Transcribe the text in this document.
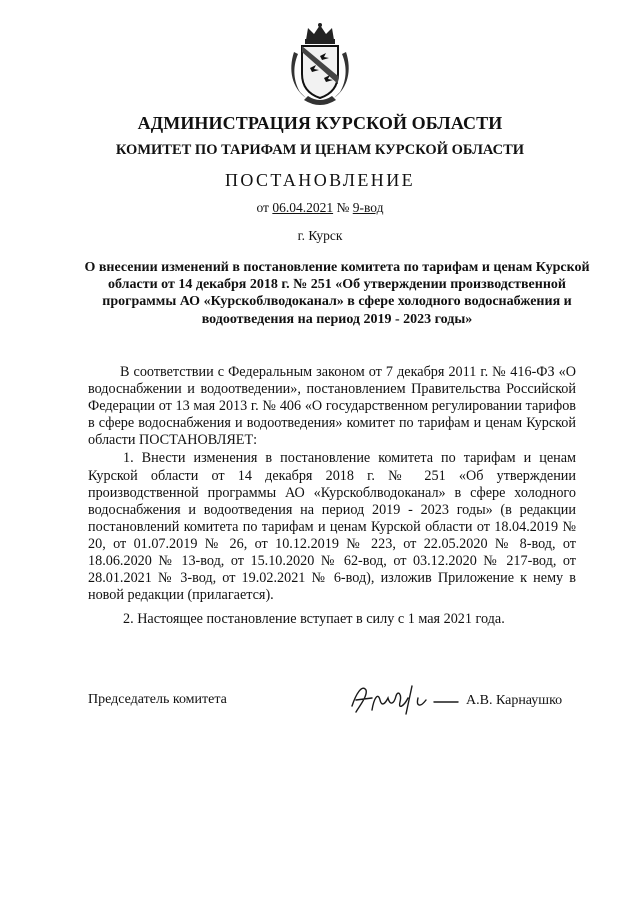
АДМИНИСТРАЦИЯ КУРСКОЙ ОБЛАСТИ
КОМИТЕТ ПО ТАРИФАМ И ЦЕНАМ КУРСКОЙ ОБЛАСТИ
ПОСТАНОВЛЕНИЕ
от 06.04.2021 № 9-вод
г. Курск
О внесении изменений в постановление комитета по тарифам и ценам Курской области от 14 декабря 2018 г. № 251 «Об утверждении производственной программы АО «Курскоблводоканал» в сфере холодного водоснабжения и водоотведения на период 2019 - 2023 годы»

В соответствии с Федеральным законом от 7 декабря 2011 г. № 416-ФЗ «О водоснабжении и водоотведении», постановлением Правительства Российской Федерации от 13 мая 2013 г. № 406 «О государственном регулировании тарифов в сфере водоснабжения и водоотведения» комитет по тарифам и ценам Курской области ПОСТАНОВЛЯЕТ:

1. Внести изменения в постановление комитета по тарифам и ценам Курской области от 14 декабря 2018 г. № 251 «Об утверждении производственной программы АО «Курскоблводоканал» в сфере холодного водоснабжения и водоотведения на период 2019 - 2023 годы» (в редакции постановлений комитета по тарифам и ценам Курской области от 18.04.2019 № 20, от 01.07.2019 № 26, от 10.12.2019 № 223, от 22.05.2020 № 8-вод, от 18.06.2020 № 13-вод, от 15.10.2020 № 62-вод, от 03.12.2020 № 217-вод, от 28.01.2021 № 3-вод, от 19.02.2021 № 6-вод), изложив Приложение к нему в новой редакции (прилагается).

2. Настоящее постановление вступает в силу с 1 мая 2021 года.

Председатель комитета	А.В. Карнаушко
